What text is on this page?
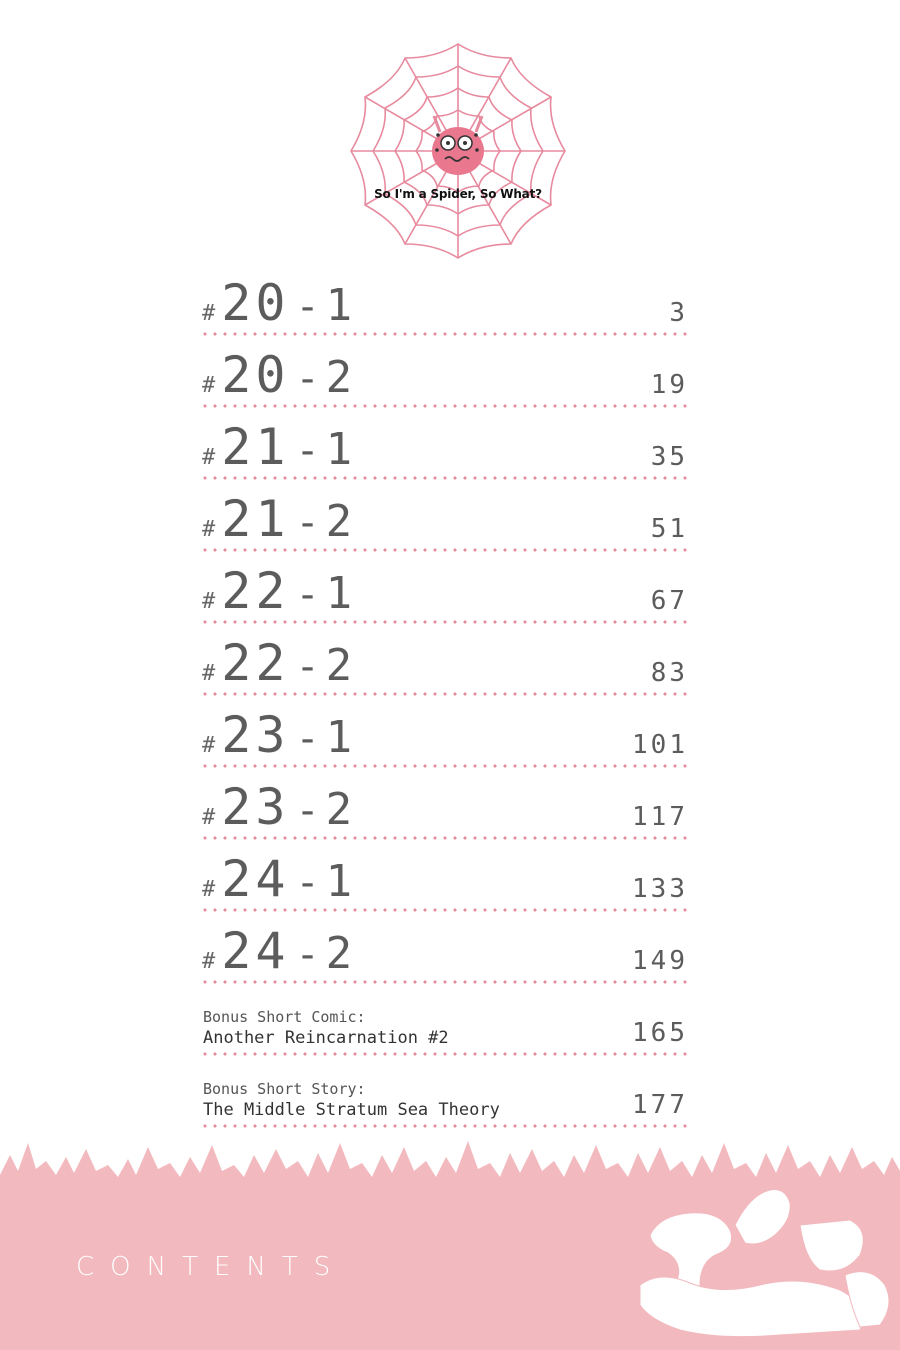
So I'm a Spider, So What?
# 20 - 1	3
# 20 - 2	19
# 21 - 1	35
# 21 - 2	51
# 22 - 1	67
# 22 - 2	83
# 23 - 1	101
# 23 - 2	117
# 24 - 1	133
# 24 - 2	149
Bonus Short Comic:
Another Reincarnation #2	165
Bonus Short Story:
The Middle Stratum Sea Theory	177
CONTENTS
